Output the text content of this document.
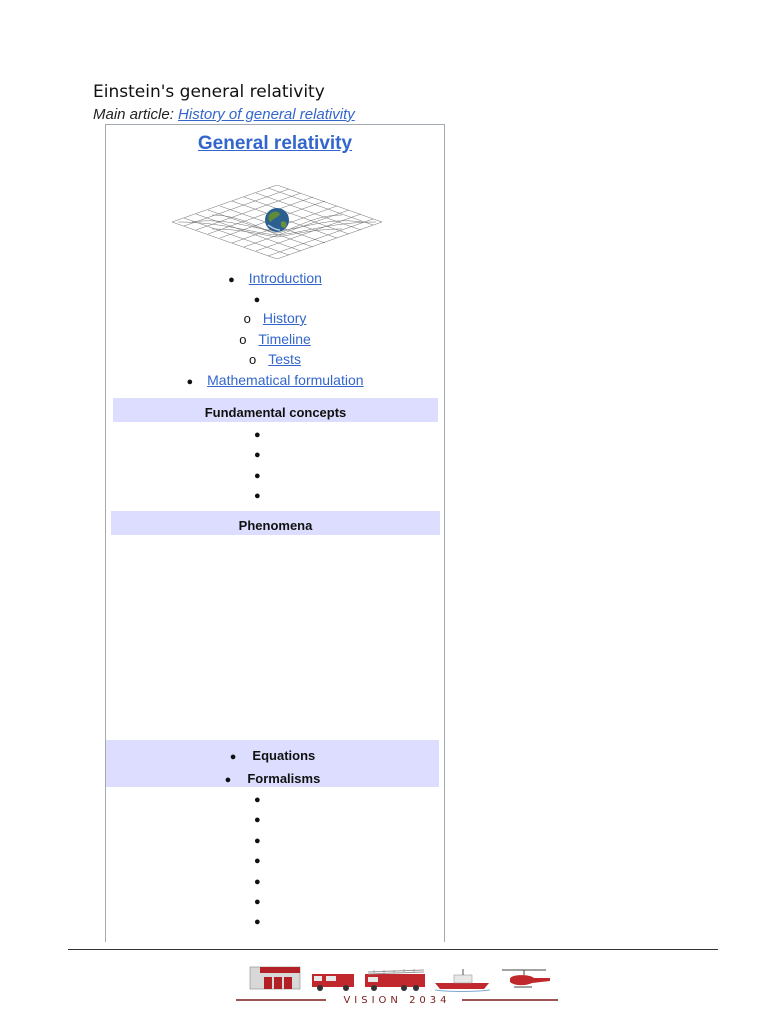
Einstein's general relativity
Main article: History of general relativity
General relativity
● Introduction
●
o History
o Timeline
o Tests
● Mathematical formulation
Fundamental concepts
●
●
●
●
Phenomena
● Equations
● Formalisms
●
●
●
●
●
●
●
VISION 2034
